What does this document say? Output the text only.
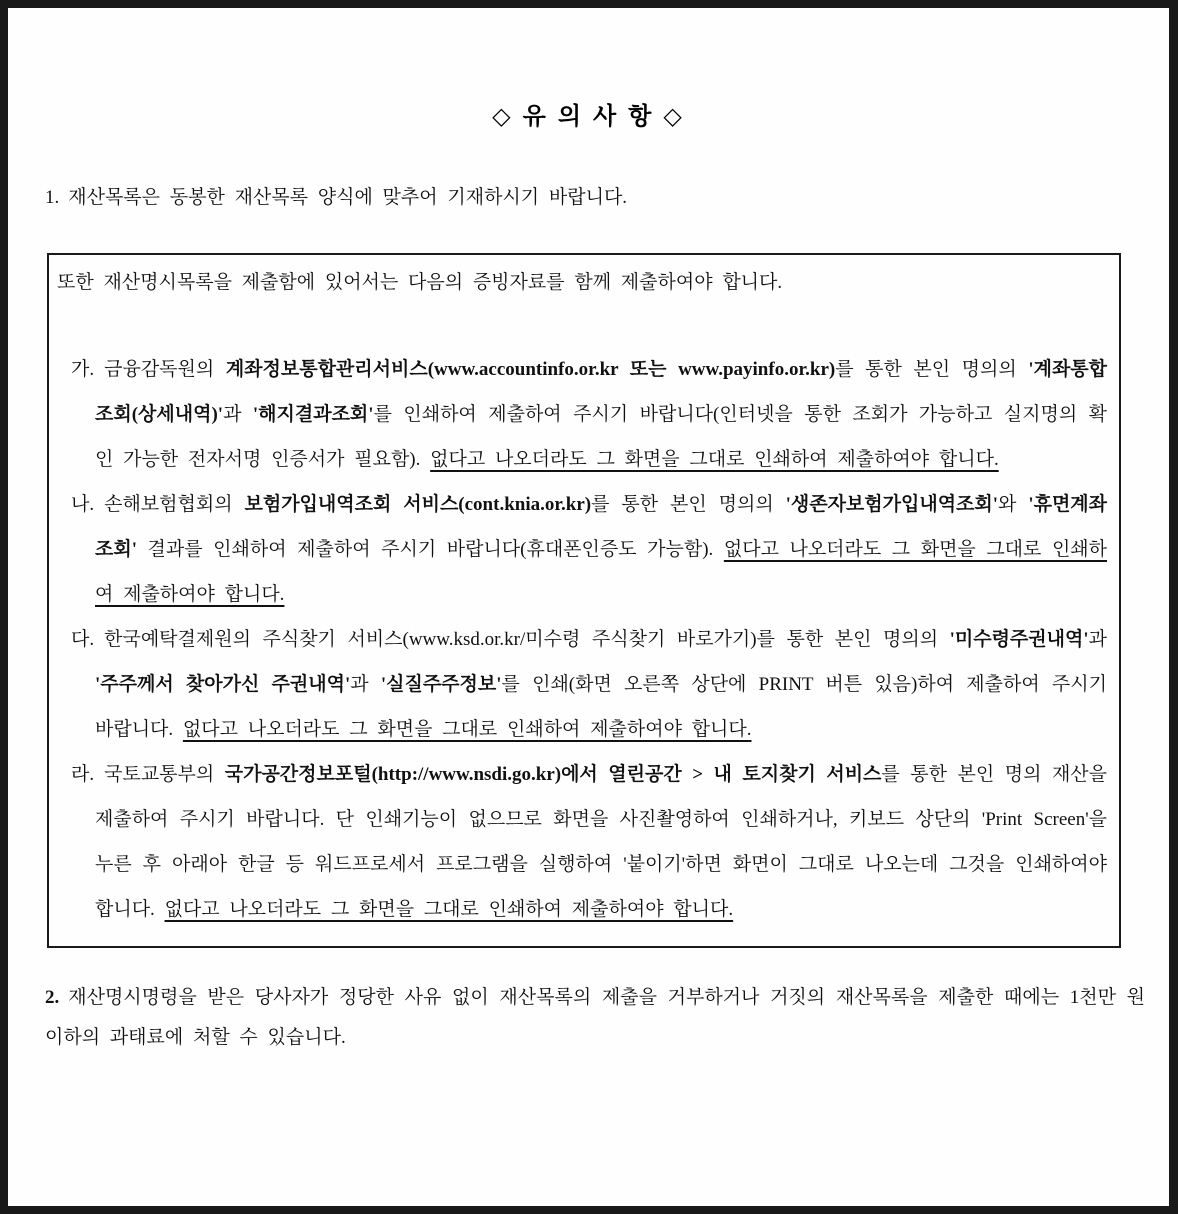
◇ 유 의 사 항 ◇

1. 재산목록은 동봉한 재산목록 양식에 맞추어 기재하시기 바랍니다.

또한 재산명시목록을 제출함에 있어서는 다음의 증빙자료를 함께 제출하여야 합니다.

가. 금융감독원의 계좌정보통합관리서비스(www.accountinfo.or.kr 또는 www.payinfo.or.kr)를 통한 본인 명의의 '계좌통합조회(상세내역)'과 '해지결과조회'를 인쇄하여 제출하여 주시기 바랍니다(인터넷을 통한 조회가 가능하고 실지명의 확인 가능한 전자서명 인증서가 필요함). 없다고 나오더라도 그 화면을 그대로 인쇄하여 제출하여야 합니다.
나. 손해보험협회의 보험가입내역조회 서비스(cont.knia.or.kr)를 통한 본인 명의의 '생존자보험가입내역조회'와 '휴면계좌조회' 결과를 인쇄하여 제출하여 주시기 바랍니다(휴대폰인증도 가능함). 없다고 나오더라도 그 화면을 그대로 인쇄하여 제출하여야 합니다.
다. 한국예탁결제원의 주식찾기 서비스(www.ksd.or.kr/미수령 주식찾기 바로가기)를 통한 본인 명의의 '미수령주권내역'과 '주주께서 찾아가신 주권내역'과 '실질주주정보'를 인쇄(화면 오른쪽 상단에 PRINT 버튼 있음)하여 제출하여 주시기 바랍니다. 없다고 나오더라도 그 화면을 그대로 인쇄하여 제출하여야 합니다.
라. 국토교통부의 국가공간정보포털(http://www.nsdi.go.kr)에서 열린공간 > 내 토지찾기 서비스를 통한 본인 명의 재산을 제출하여 주시기 바랍니다. 단 인쇄기능이 없으므로 화면을 사진촬영하여 인쇄하거나, 키보드 상단의 'Print Screen'을 누른 후 아래아 한글 등 워드프로세서 프로그램을 실행하여 '붙이기'하면 화면이 그대로 나오는데 그것을 인쇄하여야 합니다. 없다고 나오더라도 그 화면을 그대로 인쇄하여 제출하여야 합니다.

2. 재산명시명령을 받은 당사자가 정당한 사유 없이 재산목록의 제출을 거부하거나 거짓의 재산목록을 제출한 때에는 1천만 원 이하의 과태료에 처할 수 있습니다.
